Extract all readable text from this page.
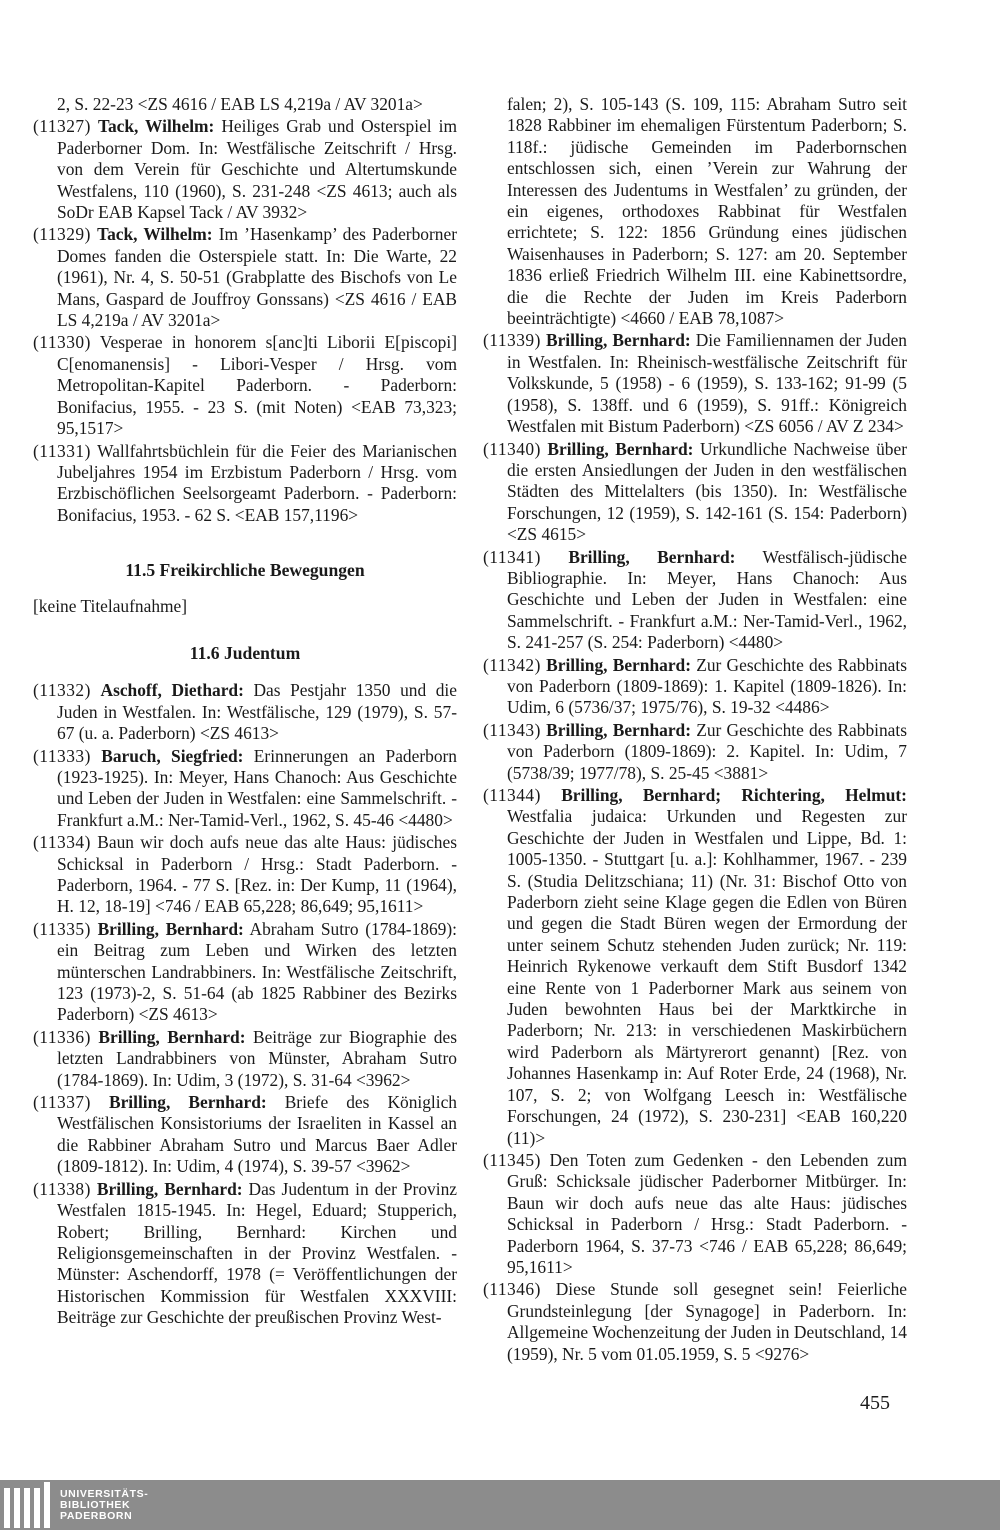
2, S. 22-23 <ZS 4616 / EAB LS 4,219a / AV 3201a>

(11327) Tack, Wilhelm: Heiliges Grab und Osterspiel im Paderborner Dom. In: Westfälische Zeitschrift / Hrsg. von dem Verein für Geschichte und Altertumskunde Westfalens, 110 (1960), S. 231-248 <ZS 4613; auch als SoDr EAB Kapsel Tack / AV 3932>

(11329) Tack, Wilhelm: Im ’Hasenkamp’ des Paderborner Domes fanden die Osterspiele statt. In: Die Warte, 22 (1961), Nr. 4, S. 50-51 (Grabplatte des Bischofs von Le Mans, Gaspard de Jouffroy Gonssans) <ZS 4616 / EAB LS 4,219a / AV 3201a>

(11330) Vesperae in honorem s[anc]ti Liborii E[piscopi] C[enomanensis] - Libori-Vesper / Hrsg. vom Metropolitan-Kapitel Paderborn. - Paderborn: Bonifacius, 1955. - 23 S. (mit Noten) <EAB 73,323; 95,1517>

(11331) Wallfahrtsbüchlein für die Feier des Marianischen Jubeljahres 1954 im Erzbistum Paderborn / Hrsg. vom Erzbischöflichen Seelsorgeamt Paderborn. - Paderborn: Bonifacius, 1953. - 62 S. <EAB 157,1196>

11.5 Freikirchliche Bewegungen

[keine Titelaufnahme]

11.6 Judentum

(11332) Aschoff, Diethard: Das Pestjahr 1350 und die Juden in Westfalen. In: Westfälische, 129 (1979), S. 57-67 (u. a. Paderborn) <ZS 4613>

(11333) Baruch, Siegfried: Erinnerungen an Paderborn (1923-1925). In: Meyer, Hans Chanoch: Aus Geschichte und Leben der Juden in Westfalen: eine Sammelschrift. - Frankfurt a.M.: Ner-Tamid-Verl., 1962, S. 45-46 <4480>

(11334) Baun wir doch aufs neue das alte Haus: jüdisches Schicksal in Paderborn / Hrsg.: Stadt Paderborn. - Paderborn, 1964. - 77 S. [Rez. in: Der Kump, 11 (1964), H. 12, 18-19] <746 / EAB 65,228; 86,649; 95,1611>

(11335) Brilling, Bernhard: Abraham Sutro (1784-1869): ein Beitrag zum Leben und Wirken des letzten münterschen Landrabbiners. In: Westfälische Zeitschrift, 123 (1973)-2, S. 51-64 (ab 1825 Rabbiner des Bezirks Paderborn) <ZS 4613>

(11336) Brilling, Bernhard: Beiträge zur Biographie des letzten Landrabbiners von Münster, Abraham Sutro (1784-1869). In: Udim, 3 (1972), S. 31-64 <3962>

(11337) Brilling, Bernhard: Briefe des Königlich Westfälischen Konsistoriums der Israeliten in Kassel an die Rabbiner Abraham Sutro und Marcus Baer Adler (1809-1812). In: Udim, 4 (1974), S. 39-57 <3962>

(11338) Brilling, Bernhard: Das Judentum in der Provinz Westfalen 1815-1945. In: Hegel, Eduard; Stupperich, Robert; Brilling, Bernhard: Kirchen und Religionsgemeinschaften in der Provinz Westfalen. - Münster: Aschendorff, 1978 (= Veröffentlichungen der Historischen Kommission für Westfalen XXXVIII: Beiträge zur Geschichte der preußischen Provinz West-

falen; 2), S. 105-143 (S. 109, 115: Abraham Sutro seit 1828 Rabbiner im ehemaligen Fürstentum Paderborn; S. 118f.: jüdische Gemeinden im Paderbornschen entschlossen sich, einen ’Verein zur Wahrung der Interessen des Judentums in Westfalen’ zu gründen, der ein eigenes, orthodoxes Rabbinat für Westfalen errichtete; S. 122: 1856 Gründung eines jüdischen Waisenhauses in Paderborn; S. 127: am 20. September 1836 erließ Friedrich Wilhelm III. eine Kabinettsordre, die die Rechte der Juden im Kreis Paderborn beeinträchtigte) <4660 / EAB 78,1087>

(11339) Brilling, Bernhard: Die Familiennamen der Juden in Westfalen. In: Rheinisch-westfälische Zeitschrift für Volkskunde, 5 (1958) - 6 (1959), S. 133-162; 91-99 (5 (1958), S. 138ff. und 6 (1959), S. 91ff.: Königreich Westfalen mit Bistum Paderborn) <ZS 6056 / AV Z 234>

(11340) Brilling, Bernhard: Urkundliche Nachweise über die ersten Ansiedlungen der Juden in den westfälischen Städten des Mittelalters (bis 1350). In: Westfälische Forschungen, 12 (1959), S. 142-161 (S. 154: Paderborn) <ZS 4615>

(11341) Brilling, Bernhard: Westfälisch-jüdische Bibliographie. In: Meyer, Hans Chanoch: Aus Geschichte und Leben der Juden in Westfalen: eine Sammelschrift. - Frankfurt a.M.: Ner-Tamid-Verl., 1962, S. 241-257 (S. 254: Paderborn) <4480>

(11342) Brilling, Bernhard: Zur Geschichte des Rabbinats von Paderborn (1809-1869): 1. Kapitel (1809-1826). In: Udim, 6 (5736/37; 1975/76), S. 19-32 <4486>

(11343) Brilling, Bernhard: Zur Geschichte des Rabbinats von Paderborn (1809-1869): 2. Kapitel. In: Udim, 7 (5738/39; 1977/78), S. 25-45 <3881>

(11344) Brilling, Bernhard; Richtering, Helmut: Westfalia judaica: Urkunden und Regesten zur Geschichte der Juden in Westfalen und Lippe, Bd. 1: 1005-1350. - Stuttgart [u. a.]: Kohlhammer, 1967. - 239 S. (Studia Delitzschiana; 11) (Nr. 31: Bischof Otto von Paderborn zieht seine Klage gegen die Edlen von Büren und gegen die Stadt Büren wegen der Ermordung der unter seinem Schutz stehenden Juden zurück; Nr. 119: Heinrich Rykenowe verkauft dem Stift Busdorf 1342 eine Rente von 1 Paderborner Mark aus seinem von Juden bewohnten Haus bei der Marktkirche in Paderborn; Nr. 213: in verschiedenen Maskirbüchern wird Paderborn als Märtyrerort genannt) [Rez. von Johannes Hasenkamp in: Auf Roter Erde, 24 (1968), Nr. 107, S. 2; von Wolfgang Leesch in: Westfälische Forschungen, 24 (1972), S. 230-231] <EAB 160,220 (11)>

(11345) Den Toten zum Gedenken - den Lebenden zum Gruß: Schicksale jüdischer Paderborner Mitbürger. In: Baun wir doch aufs neue das alte Haus: jüdisches Schicksal in Paderborn / Hrsg.: Stadt Paderborn. - Paderborn 1964, S. 37-73 <746 / EAB 65,228; 86,649; 95,1611>

(11346) Diese Stunde soll gesegnet sein! Feierliche Grundsteinlegung [der Synagoge] in Paderborn. In: Allgemeine Wochenzeitung der Juden in Deutschland, 14 (1959), Nr. 5 vom 01.05.1959, S. 5 <9276>

455
UNIVERSITÄTS-
BIBLIOTHEK
PADERBORN
